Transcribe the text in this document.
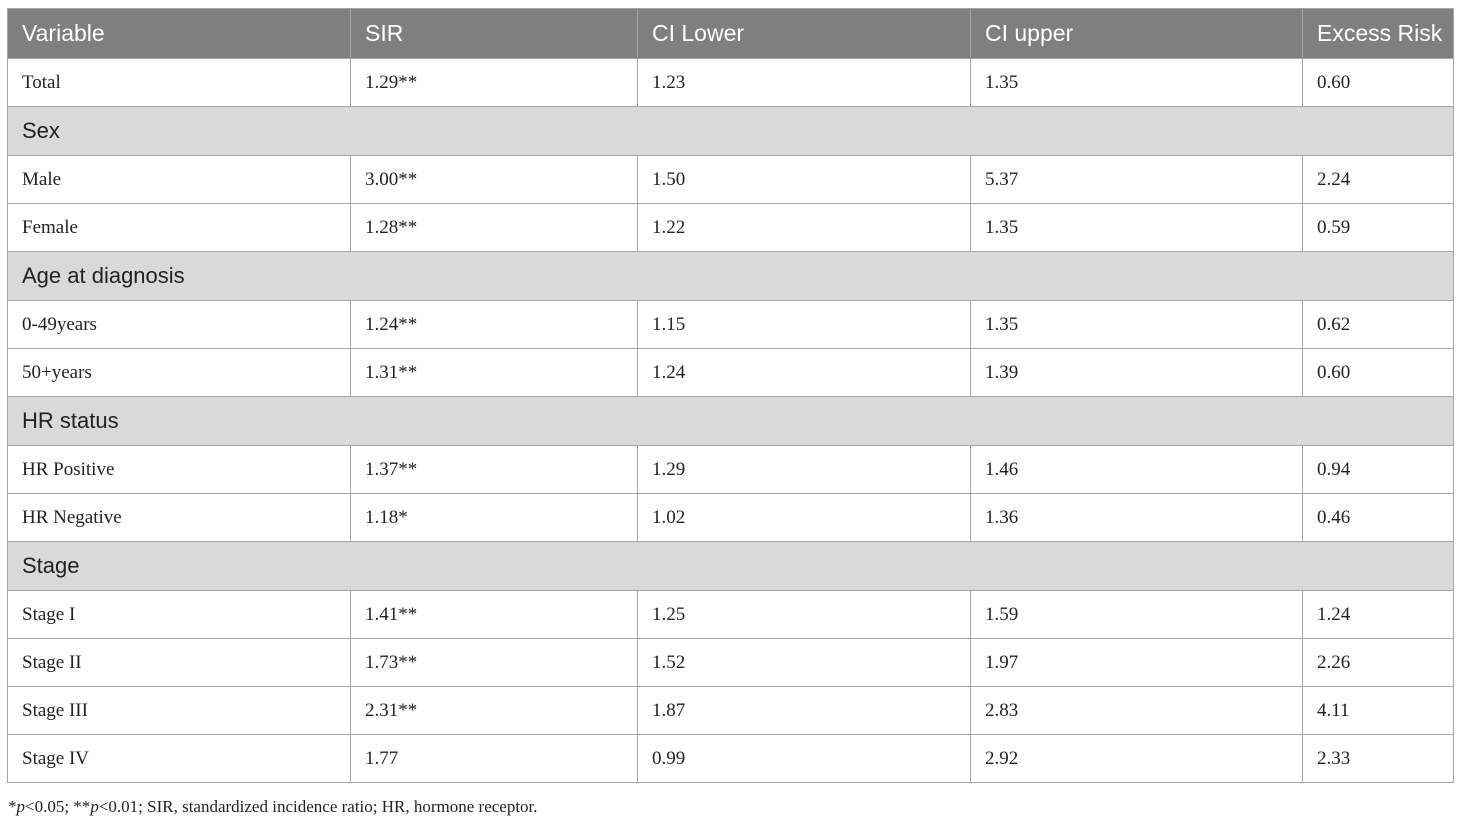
Variable	SIR	CI Lower	CI upper	Excess Risk
Total	1.29**	1.23	1.35	0.60
Sex				
Male	3.00**	1.50	5.37	2.24
Female	1.28**	1.22	1.35	0.59
Age at diagnosis				
0-49years	1.24**	1.15	1.35	0.62
50+years	1.31**	1.24	1.39	0.60
HR status				
HR Positive	1.37**	1.29	1.46	0.94
HR Negative	1.18*	1.02	1.36	0.46
Stage				
Stage I	1.41**	1.25	1.59	1.24
Stage II	1.73**	1.52	1.97	2.26
Stage III	2.31**	1.87	2.83	4.11
Stage IV	1.77	0.99	2.92	2.33
*p<0.05; **p<0.01; SIR, standardized incidence ratio; HR, hormone receptor.
